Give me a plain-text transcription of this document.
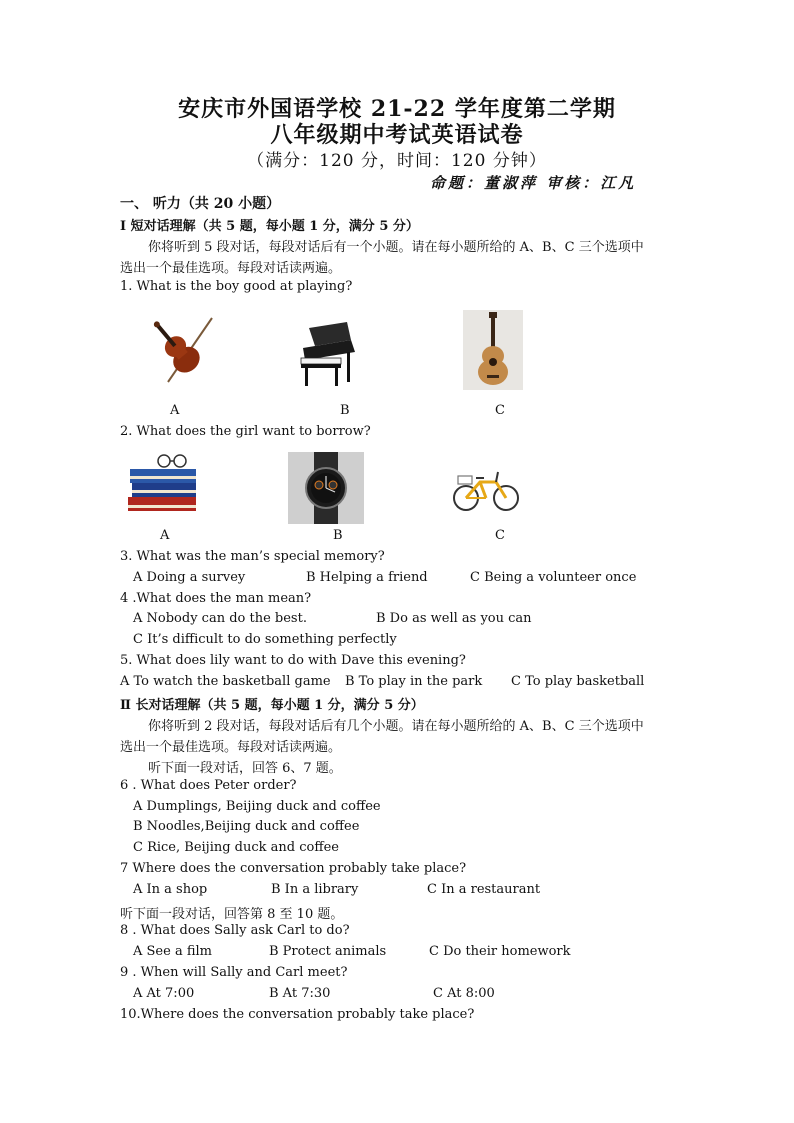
安庆市外国语学校 21-22 学年度第二学期
八年级期中考试英语试卷
（满分：120 分，时间：120 分钟）
命题：董淑萍 审核：江凡
一、 听力（共 20 小题）
Ⅰ 短对话理解（共 5 题，每小题 1 分，满分 5 分）
你将听到 5 段对话，每段对话后有一个小题。请在每小题所给的 A、B、C 三个选项中
选出一个最佳选项。每段对话读两遍。
1. What is the boy good at playing?
A	B	C
2. What does the girl want to borrow?
A	B	C
3. What was the man’s special memory?
A Doing a survey	B Helping a friend	C Being a volunteer once
4 .What does the man mean?
A Nobody can do the best.	B Do as well as you can
C It’s difficult to do something perfectly
5. What does lily want to do with Dave this evening?
A To watch the basketball game B To play in the park C To play basketball
Ⅱ 长对话理解（共 5 题，每小题 1 分，满分 5 分）
你将听到 2 段对话，每段对话后有几个小题。请在每小题所给的 A、B、C 三个选项中
选出一个最佳选项。每段对话读两遍。
听下面一段对话，回答 6、7 题。
6 . What does Peter order?
A Dumplings, Beijing duck and coffee
B Noodles,Beijing duck and coffee
C Rice, Beijing duck and coffee
7 Where does the conversation probably take place?
A In a shop	B In a library	C In a restaurant
听下面一段对话，回答第 8 至 10 题。
8 . What does Sally ask Carl to do?
A See a film	B Protect animals	C Do their homework
9 . When will Sally and Carl meet?
A At 7:00	B At 7:30	C At 8:00
10.Where does the conversation probably take place?
